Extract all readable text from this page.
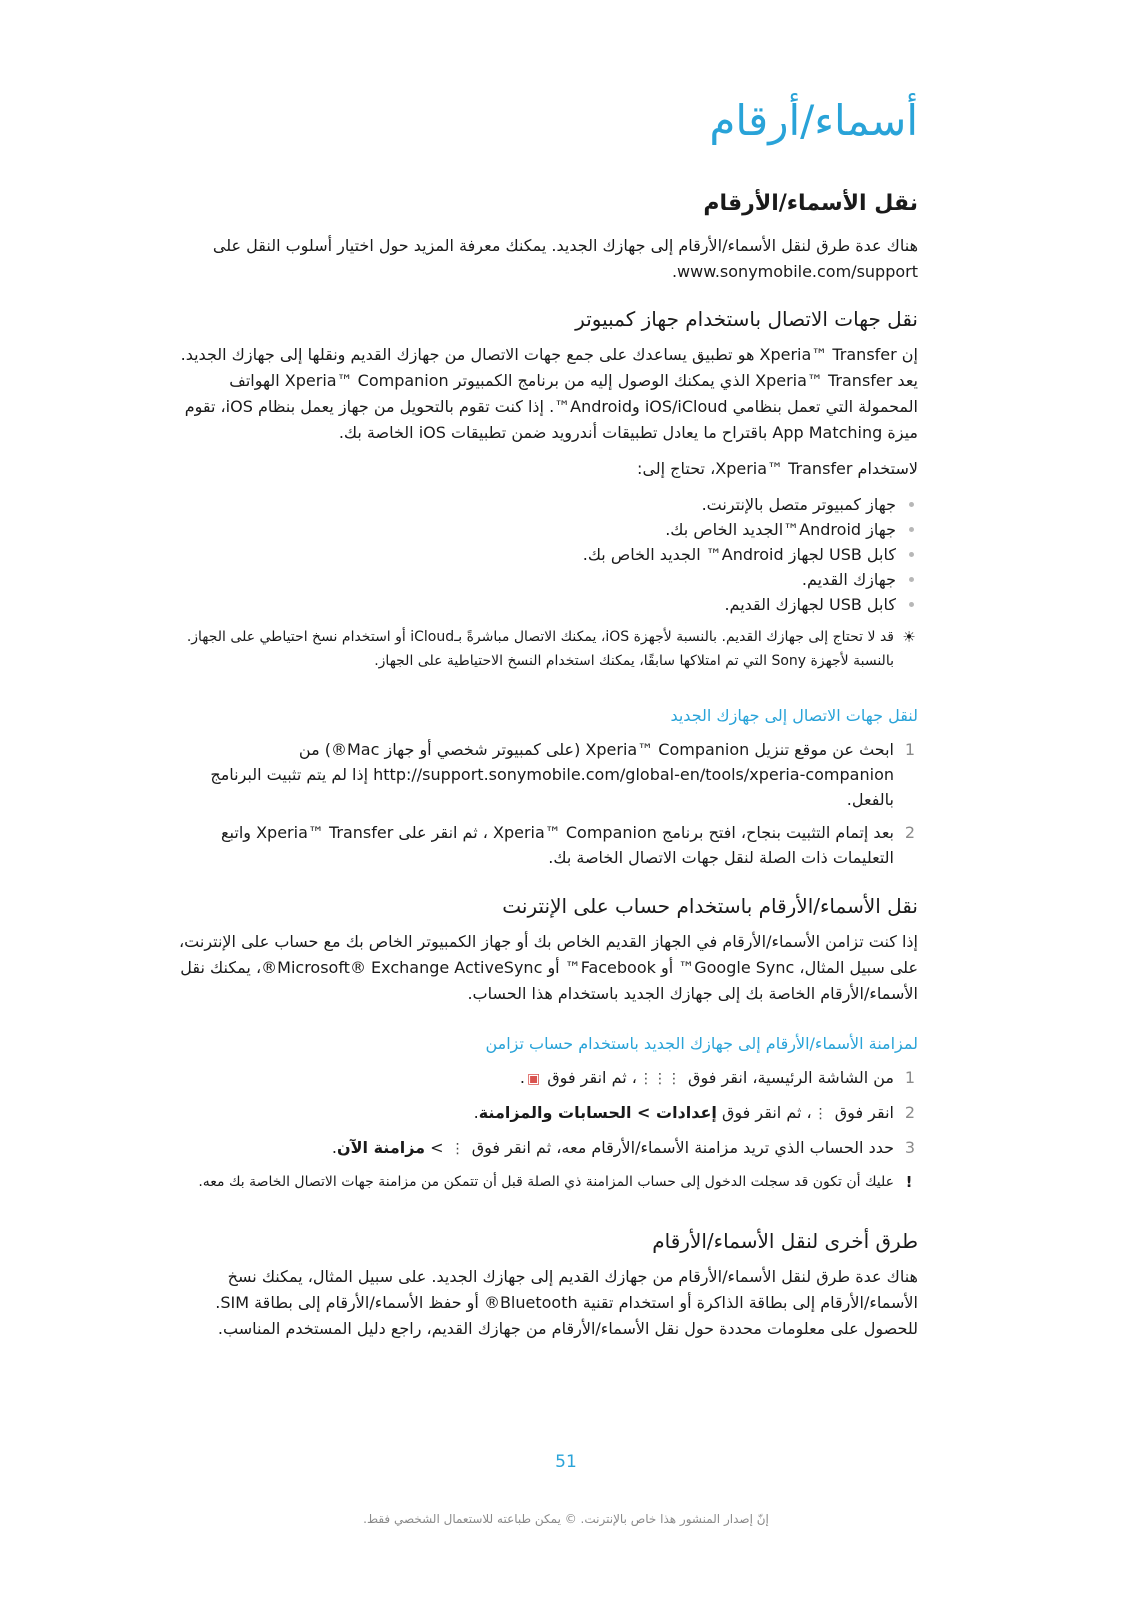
أسماء/أرقام
نقل الأسماء/الأرقام

هناك عدة طرق لنقل الأسماء/الأرقام إلى جهازك الجديد. يمكنك معرفة المزيد حول اختيار أسلوب النقل على www.sonymobile.com/support.

نقل جهات الاتصال باستخدام جهاز كمبيوتر

إن Xperia™ Transfer هو تطبيق يساعدك على جمع جهات الاتصال من جهازك القديم ونقلها إلى جهازك الجديد. يعد Xperia™ Transfer الذي يمكنك الوصول إليه من برنامج الكمبيوتر Xperia™ Companion الهواتف المحمولة التي تعمل بنظامي iOS/iCloud وAndroid™. إذا كنت تقوم بالتحويل من جهاز يعمل بنظام iOS، تقوم ميزة App Matching باقتراح ما يعادل تطبيقات أندرويد ضمن تطبيقات iOS الخاصة بك.

لاستخدام Xperia™ Transfer، تحتاج إلى:

جهاز كمبيوتر متصل بالإنترنت.
جهاز Android™الجديد الخاص بك.
كابل USB لجهاز Android™ الجديد الخاص بك.
جهازك القديم.
كابل USB لجهازك القديم.
☀
قد لا تحتاج إلى جهازك القديم. بالنسبة لأجهزة iOS، يمكنك الاتصال مباشرةً بـiCloud أو استخدام نسخ احتياطي على الجهاز. بالنسبة لأجهزة Sony التي تم امتلاكها سابقًا، يمكنك استخدام النسخ الاحتياطية على الجهاز.
لنقل جهات الاتصال إلى جهازك الجديد
1
ابحث عن موقع تنزيل Xperia™ Companion (على كمبيوتر شخصي أو جهاز Mac®) من http://support.sonymobile.com/global-en/tools/xperia-companion إذا لم يتم تثبيت البرنامج بالفعل.
2
بعد إتمام التثبيت بنجاح، افتح برنامج Xperia™ Companion ، ثم انقر على Xperia™ Transfer واتبع التعليمات ذات الصلة لنقل جهات الاتصال الخاصة بك.
نقل الأسماء/الأرقام باستخدام حساب على الإنترنت

إذا كنت تزامن الأسماء/الأرقام في الجهاز القديم الخاص بك أو جهاز الكمبيوتر الخاص بك مع حساب على الإنترنت، على سبيل المثال، Google Sync™ أو Facebook™ أو Microsoft® Exchange ActiveSync®، يمكنك نقل الأسماء/الأرقام الخاصة بك إلى جهازك الجديد باستخدام هذا الحساب.

لمزامنة الأسماء/الأرقام إلى جهازك الجديد باستخدام حساب تزامن
1
من الشاشة الرئيسية، انقر فوق ⋮⋮⋮، ثم انقر فوق ▣.
2
انقر فوق ⋮، ثم انقر فوق إعدادات > الحسابات والمزامنة.
3
حدد الحساب الذي تريد مزامنة الأسماء/الأرقام معه، ثم انقر فوق ⋮ > مزامنة الآن.
!
عليك أن تكون قد سجلت الدخول إلى حساب المزامنة ذي الصلة قبل أن تتمكن من مزامنة جهات الاتصال الخاصة بك معه.
طرق أخرى لنقل الأسماء/الأرقام

هناك عدة طرق لنقل الأسماء/الأرقام من جهازك القديم إلى جهازك الجديد. على سبيل المثال، يمكنك نسخ الأسماء/الأرقام إلى بطاقة الذاكرة أو استخدام تقنية Bluetooth® أو حفظ الأسماء/الأرقام إلى بطاقة SIM. للحصول على معلومات محددة حول نقل الأسماء/الأرقام من جهازك القديم، راجع دليل المستخدم المناسب.

51
إنّ إصدار المنشور هذا خاص بالإنترنت. © يمكن طباعته للاستعمال الشخصي فقط.
